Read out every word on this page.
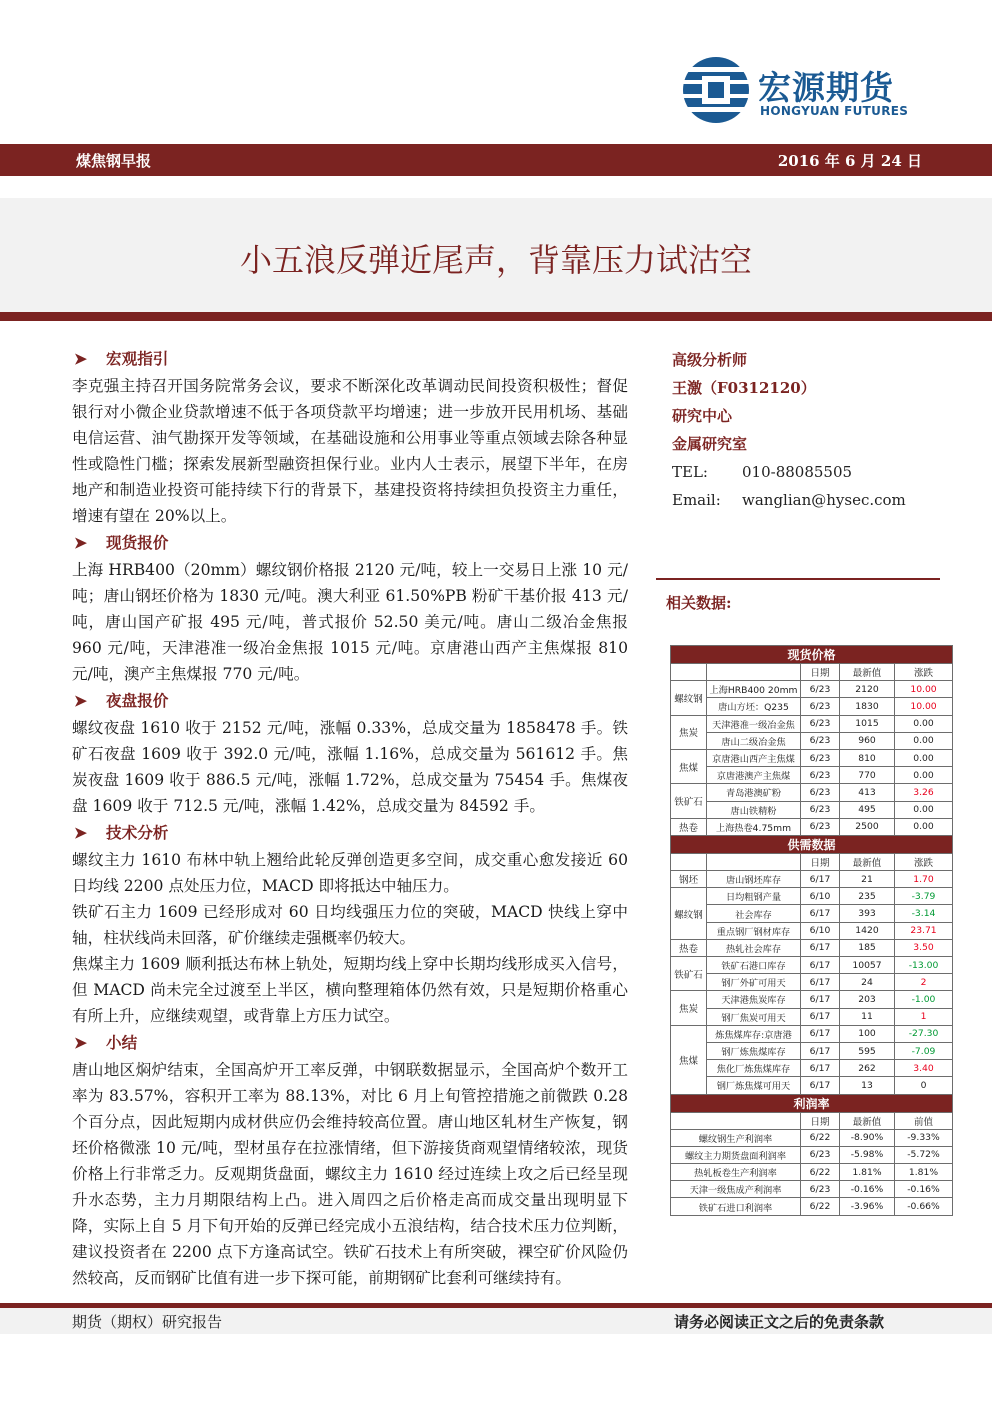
宏源期货
HONGYUAN FUTURES
煤焦钢早报	2016 年 6 月 24 日
小五浪反弹近尾声，背靠压力试沽空
➤	宏观指引

李克强主持召开国务院常务会议，要求不断深化改革调动民间投资积极性；督促银行对小微企业贷款增速不低于各项贷款平均增速；进一步放开民用机场、基础电信运营、油气勘探开发等领域，在基础设施和公用事业等重点领域去除各种显性或隐性门槛；探索发展新型融资担保行业。业内人士表示，展望下半年，在房地产和制造业投资可能持续下行的背景下，基建投资将持续担负投资主力重任，增速有望在 20%以上。

➤	现货报价

上海 HRB400（20mm）螺纹钢价格报 2120 元/吨，较上一交易日上涨 10 元/吨；唐山钢坯价格为 1830 元/吨。澳大利亚 61.50%PB 粉矿干基价报 413 元/吨，唐山国产矿报 495 元/吨，普式报价 52.50 美元/吨。唐山二级冶金焦报 960 元/吨，天津港准一级冶金焦报 1015 元/吨。京唐港山西产主焦煤报 810 元/吨，澳产主焦煤报 770 元/吨。

➤	夜盘报价

螺纹夜盘 1610 收于 2152 元/吨，涨幅 0.33%，总成交量为 1858478 手。铁矿石夜盘 1609 收于 392.0 元/吨，涨幅 1.16%，总成交量为 561612 手。焦炭夜盘 1609 收于 886.5 元/吨，涨幅 1.72%，总成交量为 75454 手。焦煤夜盘 1609 收于 712.5 元/吨，涨幅 1.42%，总成交量为 84592 手。

➤	技术分析

螺纹主力 1610 布林中轨上翘给此轮反弹创造更多空间，成交重心愈发接近 60 日均线 2200 点处压力位，MACD 即将抵达中轴压力。

铁矿石主力 1609 已经形成对 60 日均线强压力位的突破，MACD 快线上穿中轴，柱状线尚未回落，矿价继续走强概率仍较大。

焦煤主力 1609 顺利抵达布林上轨处，短期均线上穿中长期均线形成买入信号，但 MACD 尚未完全过渡至上半区，横向整理箱体仍然有效，只是短期价格重心有所上升，应继续观望，或背靠上方压力试空。

➤	小结

唐山地区焖炉结束，全国高炉开工率反弹，中钢联数据显示，全国高炉个数开工率为 83.57%，容积开工率为 88.13%，对比 6 月上旬管控措施之前微跌 0.28 个百分点，因此短期内成材供应仍会维持较高位置。唐山地区轧材生产恢复，钢坯价格微涨 10 元/吨，型材虽存在拉涨情绪，但下游接货商观望情绪较浓，现货价格上行非常乏力。反观期货盘面，螺纹主力 1610 经过连续上攻之后已经呈现升水态势，主力月期限结构上凸。进入周四之后价格走高而成交量出现明显下降，实际上自 5 月下旬开始的反弹已经完成小五浪结构，结合技术压力位判断，建议投资者在 2200 点下方逢高试空。铁矿石技术上有所突破，裸空矿价风险仍然较高，反而钢矿比值有进一步下探可能，前期钢矿比套利可继续持有。

高级分析师
王激（F0312120）
研究中心
金属研究室
TEL:	010-88085505
Email:	wanglian@hysec.com
相关数据:
现货价格				
		日期	最新值	涨跌
螺纹钢	上海HRB400 20mm	6/23	2120	10.00
	唐山方坯：Q235	6/23	1830	10.00
焦炭	天津港准一级冶金焦	6/23	1015	0.00
	唐山二级冶金焦	6/23	960	0.00
焦煤	京唐港山西产主焦煤	6/23	810	0.00
	京唐港澳产主焦煤	6/23	770	0.00
铁矿石	青岛港澳矿粉	6/23	413	3.26
	唐山铁精粉	6/23	495	0.00
热卷	上海热卷4.75mm	6/23	2500	0.00
供需数据				
		日期	最新值	涨跌
钢坯	唐山钢坯库存	6/17	21	1.70
螺纹钢	日均粗钢产量	6/10	235	-3.79
	社会库存	6/17	393	-3.14
	重点钢厂钢材库存	6/10	1420	23.71
热卷	热轧社会库存	6/17	185	3.50
铁矿石	铁矿石港口库存	6/17	10057	-13.00
	钢厂外矿可用天	6/17	24	2
焦炭	天津港焦炭库存	6/17	203	-1.00
	钢厂焦炭可用天	6/17	11	1
焦煤	炼焦煤库存:京唐港	6/17	100	-27.30
	钢厂炼焦煤库存	6/17	595	-7.09
	焦化厂炼焦煤库存	6/17	262	3.40
	钢厂炼焦煤可用天	6/17	13	0
利润率				
		日期	最新值	前值
螺纹钢生产利润率		6/22	-8.90%	-9.33%
螺纹主力期货盘面利润率		6/23	-5.98%	-5.72%
热轧板卷生产利润率		6/22	1.81%	1.81%
天津一级焦成产利润率		6/23	-0.16%	-0.16%
铁矿石进口利润率		6/22	-3.96%	-0.66%
期货（期权）研究报告	请务必阅读正文之后的免责条款
